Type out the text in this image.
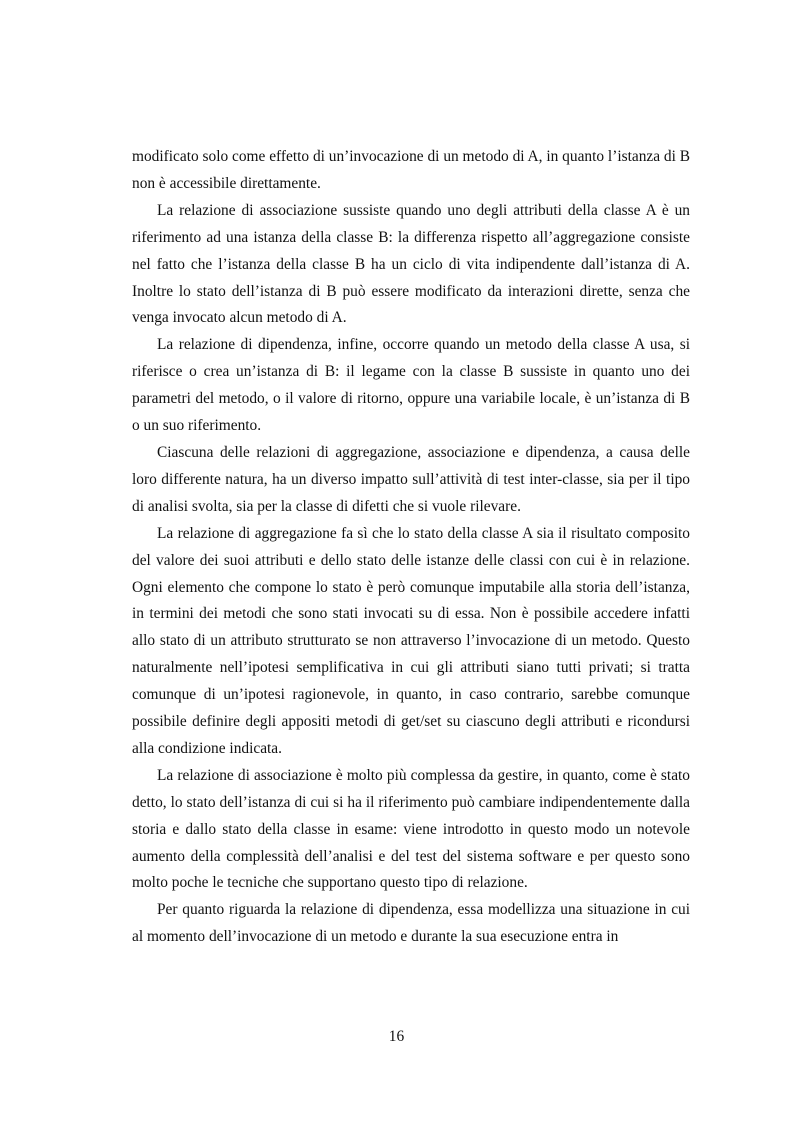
modificato solo come effetto di un’invocazione di un metodo di A, in quanto l’istanza di B non è accessibile direttamente.

La relazione di associazione sussiste quando uno degli attributi della classe A è un riferimento ad una istanza della classe B: la differenza rispetto all’aggregazione consiste nel fatto che l’istanza della classe B ha un ciclo di vita indipendente dall’istanza di A. Inoltre lo stato dell’istanza di B può essere modificato da interazioni dirette, senza che venga invocato alcun metodo di A.

La relazione di dipendenza, infine, occorre quando un metodo della classe A usa, si riferisce o crea un’istanza di B: il legame con la classe B sussiste in quanto uno dei parametri del metodo, o il valore di ritorno, oppure una variabile locale, è un’istanza di B o un suo riferimento.

Ciascuna delle relazioni di aggregazione, associazione e dipendenza, a causa delle loro differente natura, ha un diverso impatto sull’attività di test inter-classe, sia per il tipo di analisi svolta, sia per la classe di difetti che si vuole rilevare.

La relazione di aggregazione fa sì che lo stato della classe A sia il risultato composito del valore dei suoi attributi e dello stato delle istanze delle classi con cui è in relazione. Ogni elemento che compone lo stato è però comunque imputabile alla storia dell’istanza, in termini dei metodi che sono stati invocati su di essa. Non è possibile accedere infatti allo stato di un attributo strutturato se non attraverso l’invocazione di un metodo. Questo naturalmente nell’ipotesi semplificativa in cui gli attributi siano tutti privati; si tratta comunque di un’ipotesi ragionevole, in quanto, in caso contrario, sarebbe comunque possibile definire degli appositi metodi di get/set su ciascuno degli attributi e ricondursi alla condizione indicata.

La relazione di associazione è molto più complessa da gestire, in quanto, come è stato detto, lo stato dell’istanza di cui si ha il riferimento può cambiare indipendentemente dalla storia e dallo stato della classe in esame: viene introdotto in questo modo un notevole aumento della complessità dell’analisi e del test del sistema software e per questo sono molto poche le tecniche che supportano questo tipo di relazione.

Per quanto riguarda la relazione di dipendenza, essa modellizza una situazione in cui al momento dell’invocazione di un metodo e durante la sua esecuzione entra in

16
